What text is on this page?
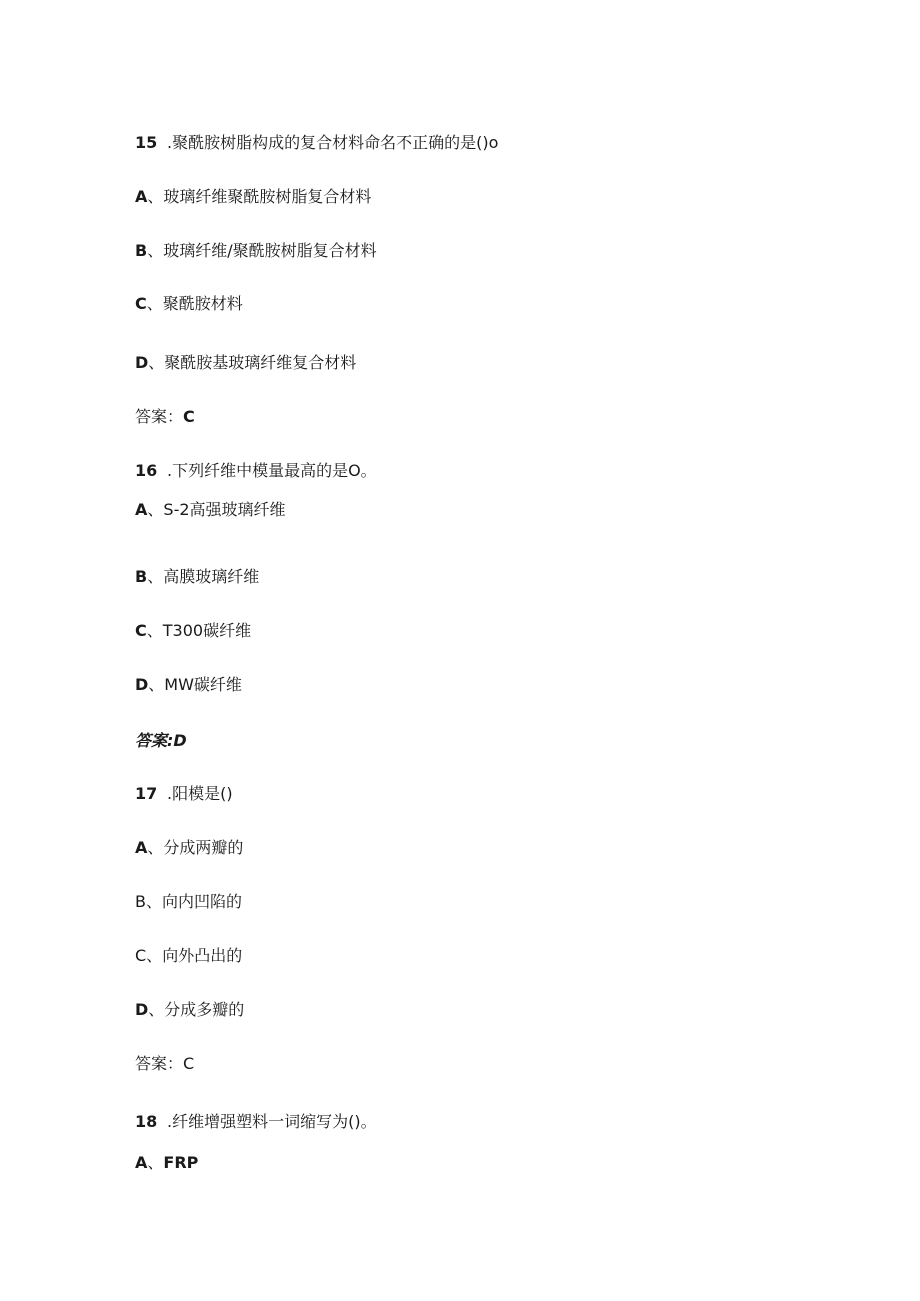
15 .聚酰胺树脂构成的复合材料命名不正确的是()o
A、玻璃纤维聚酰胺树脂复合材料
B、玻璃纤维/聚酰胺树脂复合材料
C、聚酰胺材料
D、聚酰胺基玻璃纤维复合材料
答案：C
16 .下列纤维中模量最高的是O。
A、S-2高强玻璃纤维
B、高膜玻璃纤维
C、T300碳纤维
D、MW碳纤维
答案:D
17 .阳模是()
A、分成两瓣的
B、向内凹陷的
C、向外凸出的
D、分成多瓣的
答案：C
18 .纤维增强塑料一词缩写为()。
A、FRP
